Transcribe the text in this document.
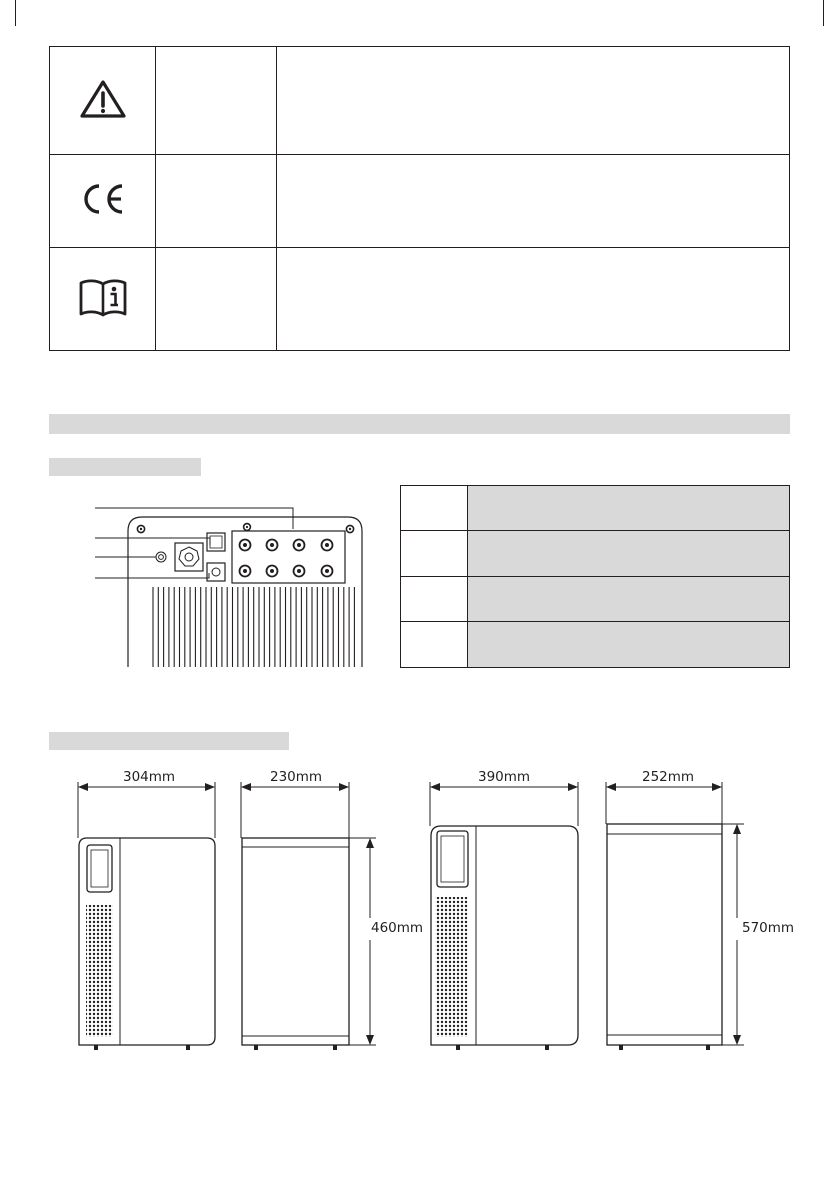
304mm	230mm
460mm
390mm	252mm
570mm
